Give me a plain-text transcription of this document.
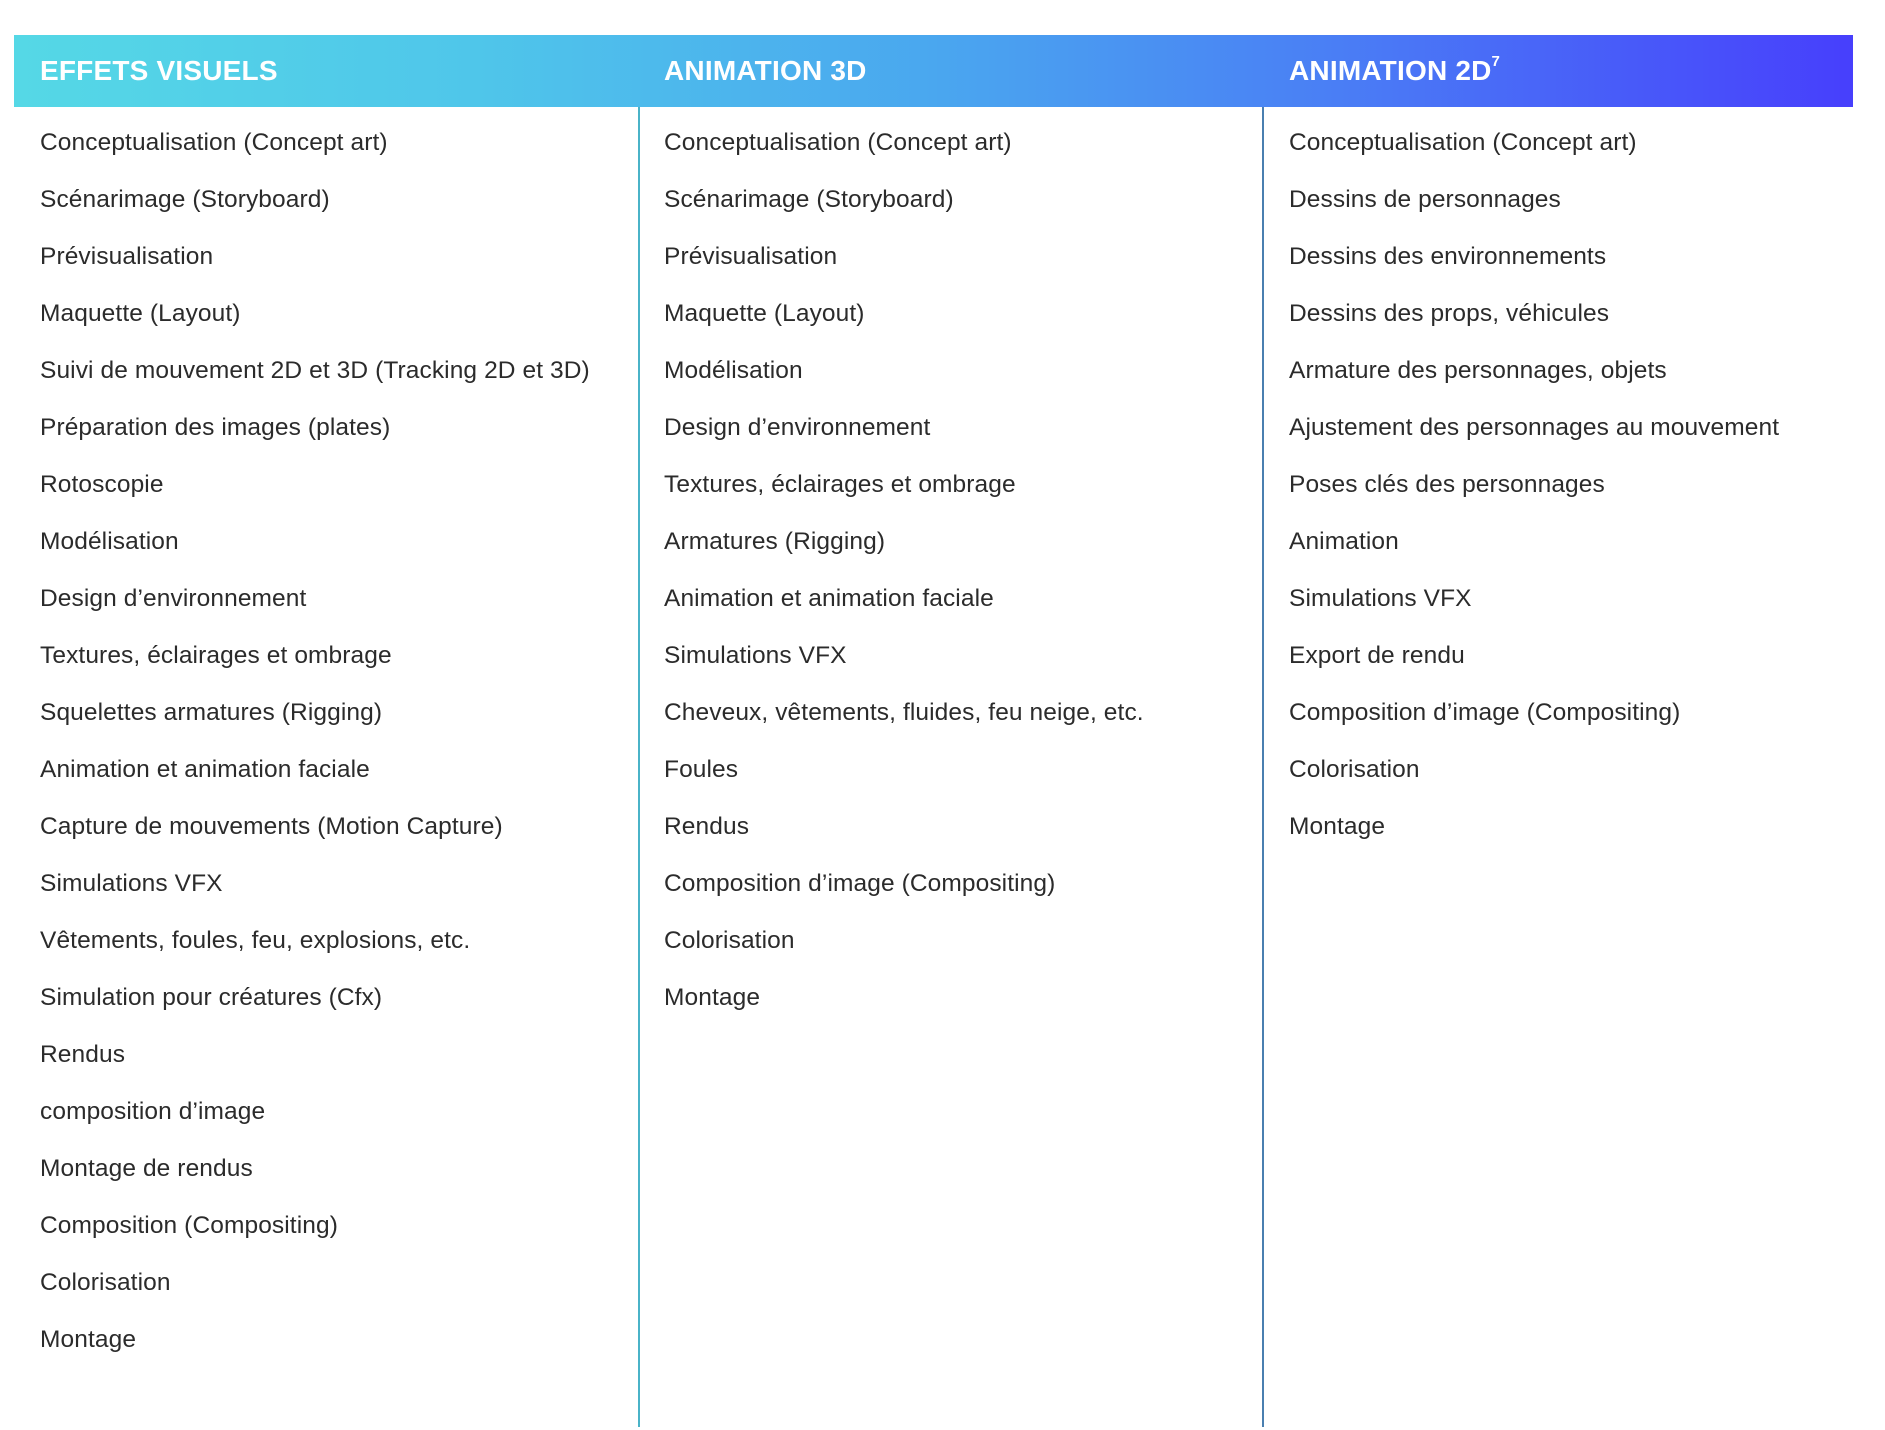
EFFETS VISUELS	ANIMATION 3D	ANIMATION $2D^7$
Conceptualisation (Concept art)
Scénarimage (Storyboard)
Prévisualisation
Maquette (Layout)
Suivi de mouvement 2D et 3D (Tracking 2D et 3D)
Préparation des images (plates)
Rotoscopie
Modélisation
Design d’environnement
Textures, éclairages et ombrage
Squelettes armatures (Rigging)
Animation et animation faciale
Capture de mouvements (Motion Capture)
Simulations VFX
Vêtements, foules, feu, explosions, etc.
Simulation pour créatures (Cfx)
Rendus
composition d’image
Montage de rendus
Composition (Compositing)
Colorisation
Montage
Conceptualisation (Concept art)
Scénarimage (Storyboard)
Prévisualisation
Maquette (Layout)
Modélisation
Design d’environnement
Textures, éclairages et ombrage
Armatures (Rigging)
Animation et animation faciale
Simulations VFX
Cheveux, vêtements, fluides, feu neige, etc.
Foules
Rendus
Composition d’image (Compositing)
Colorisation
Montage
Conceptualisation (Concept art)
Dessins de personnages
Dessins des environnements
Dessins des props, véhicules
Armature des personnages, objets
Ajustement des personnages au mouvement
Poses clés des personnages
Animation
Simulations VFX
Export de rendu
Composition d’image (Compositing)
Colorisation
Montage
